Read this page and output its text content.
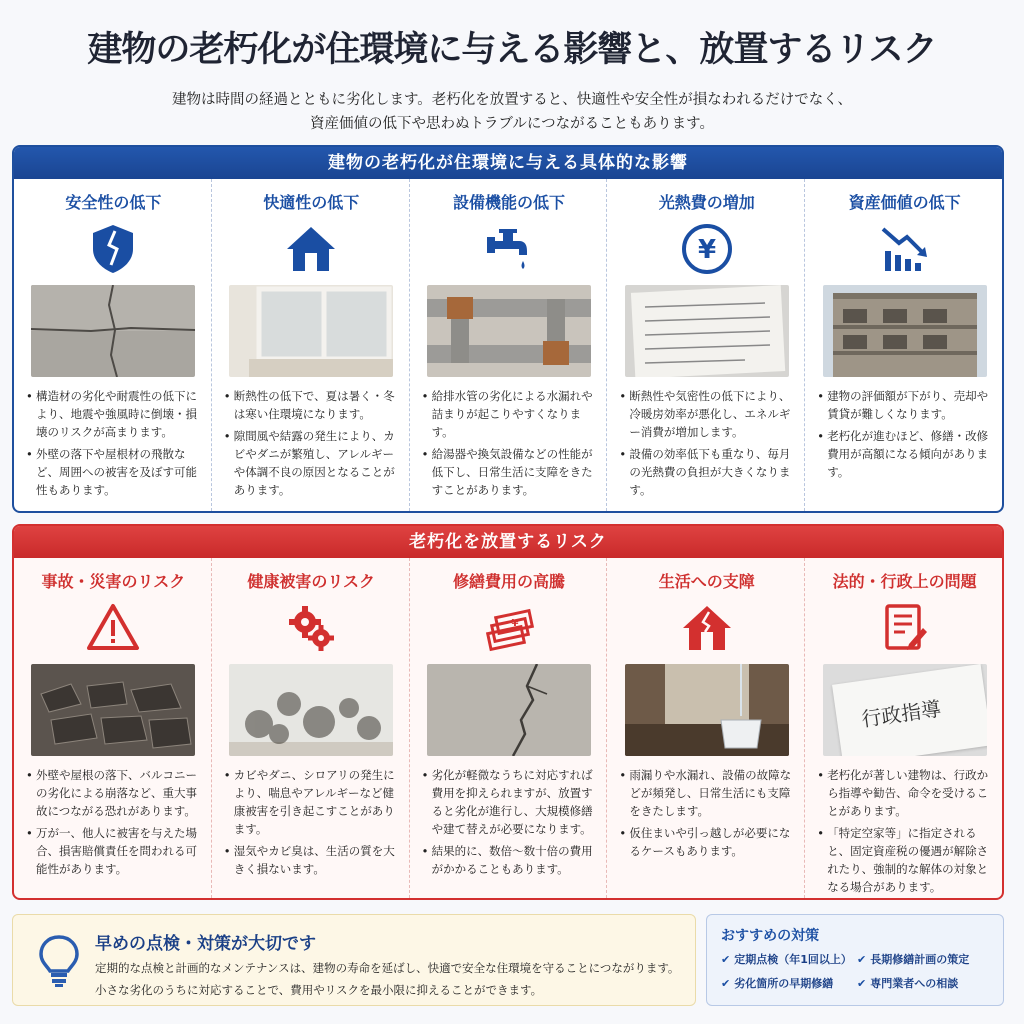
建物の老朽化が住環境に与える影響と、放置するリスク
建物は時間の経過とともに劣化します。老朽化を放置すると、快適性や安全性が損なわれるだけでなく、
資産価値の低下や思わぬトラブルにつながることもあります。
建物の老朽化が住環境に与える具体的な影響
安全性の低下
• 構造材の劣化や耐震性の低下により、地震や強風時に倒壊・損壊のリスクが高まります。
• 外壁の落下や屋根材の飛散など、周囲への被害を及ぼす可能性もあります。
快適性の低下
• 断熱性の低下で、夏は暑く・冬は寒い住環境になります。
• 隙間風や結露の発生により、カビやダニが繁殖し、アレルギーや体調不良の原因となることがあります。
設備機能の低下
• 給排水管の劣化による水漏れや詰まりが起こりやすくなります。
• 給湯器や換気設備などの性能が低下し、日常生活に支障をきたすことがあります。
光熱費の増加
¥
• 断熱性や気密性の低下により、冷暖房効率が悪化し、エネルギー消費が増加します。
• 設備の効率低下も重なり、毎月の光熱費の負担が大きくなります。
資産価値の低下
• 建物の評価額が下がり、売却や賃貸が難しくなります。
• 老朽化が進むほど、修繕・改修費用が高額になる傾向があります。
老朽化を放置するリスク
事故・災害のリスク
• 外壁や屋根の落下、バルコニーの劣化による崩落など、重大事故につながる恐れがあります。
• 万が一、他人に被害を与えた場合、損害賠償責任を問われる可能性があります。
健康被害のリスク
• カビやダニ、シロアリの発生により、喘息やアレルギーなど健康被害を引き起こすことがあります。
• 湿気やカビ臭は、生活の質を大きく損ないます。
修繕費用の高騰
¥
• 劣化が軽微なうちに対応すれば費用を抑えられますが、放置すると劣化が進行し、大規模修繕や建て替えが必要になります。
• 結果的に、数倍〜数十倍の費用がかかることもあります。
生活への支障
• 雨漏りや水漏れ、設備の故障などが頻発し、日常生活にも支障をきたします。
• 仮住まいや引っ越しが必要になるケースもあります。
法的・行政上の問題
行政指導
• 老朽化が著しい建物は、行政から指導や勧告、命令を受けることがあります。
• 「特定空家等」に指定されると、固定資産税の優遇が解除されたり、強制的な解体の対象となる場合があります。
早めの点検・対策が大切です
定期的な点検と計画的なメンテナンスは、建物の寿命を延ばし、快適で安全な住環境を守ることにつながります。
小さな劣化のうちに対応することで、費用やリスクを最小限に抑えることができます。
おすすめの対策
✔ 定期点検（年1回以上） ✔ 長期修繕計画の策定
✔ 劣化箇所の早期修繕	✔ 専門業者への相談
